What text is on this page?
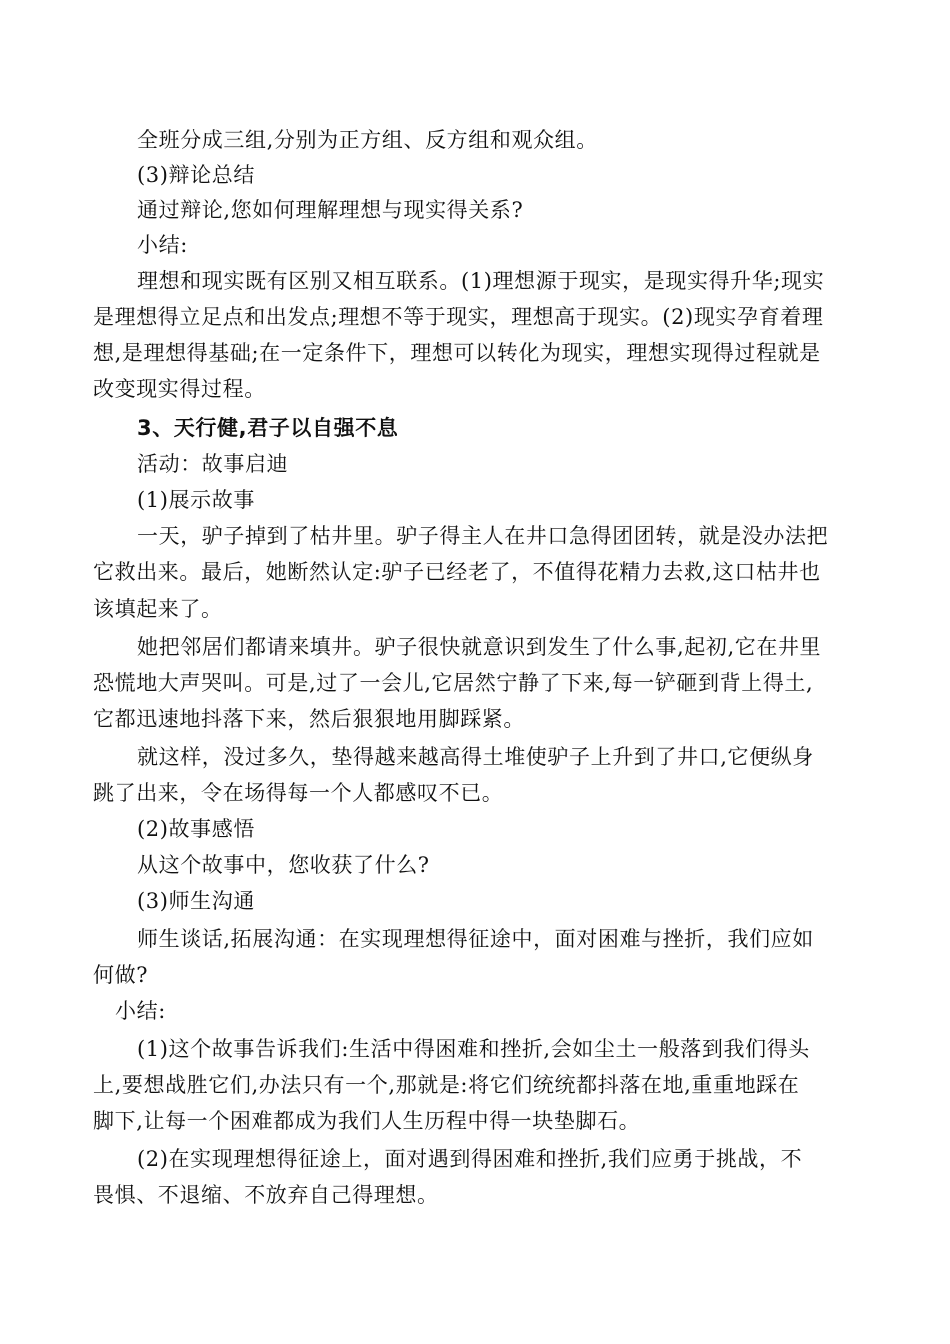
全班分成三组,分别为正方组、反方组和观众组。
(3)辩论总结
通过辩论,您如何理解理想与现实得关系?
小结:
理想和现实既有区别又相互联系。(1)理想源于现实，是现实得升华;现实
是理想得立足点和出发点;理想不等于现实，理想高于现实。(2)现实孕育着理
想,是理想得基础;在一定条件下，理想可以转化为现实，理想实现得过程就是
改变现实得过程。
3、天行健,君子以自强不息
活动：故事启迪
(1)展示故事
一天，驴子掉到了枯井里。驴子得主人在井口急得团团转，就是没办法把
它救出来。最后，她断然认定:驴子已经老了，不值得花精力去救,这口枯井也
该填起来了。
她把邻居们都请来填井。驴子很快就意识到发生了什么事,起初,它在井里
恐慌地大声哭叫。可是,过了一会儿,它居然宁静了下来,每一铲砸到背上得土,
它都迅速地抖落下来，然后狠狠地用脚踩紧。
就这样，没过多久，垫得越来越高得土堆使驴子上升到了井口,它便纵身
跳了出来，令在场得每一个人都感叹不已。
(2)故事感悟
从这个故事中，您收获了什么?
(3)师生沟通
师生谈话,拓展沟通：在实现理想得征途中，面对困难与挫折，我们应如
何做?
小结:
(1)这个故事告诉我们:生活中得困难和挫折,会如尘土一般落到我们得头
上,要想战胜它们,办法只有一个,那就是:将它们统统都抖落在地,重重地踩在
脚下,让每一个困难都成为我们人生历程中得一块垫脚石。
(2)在实现理想得征途上，面对遇到得困难和挫折,我们应勇于挑战，不
畏惧、不退缩、不放弃自己得理想。
